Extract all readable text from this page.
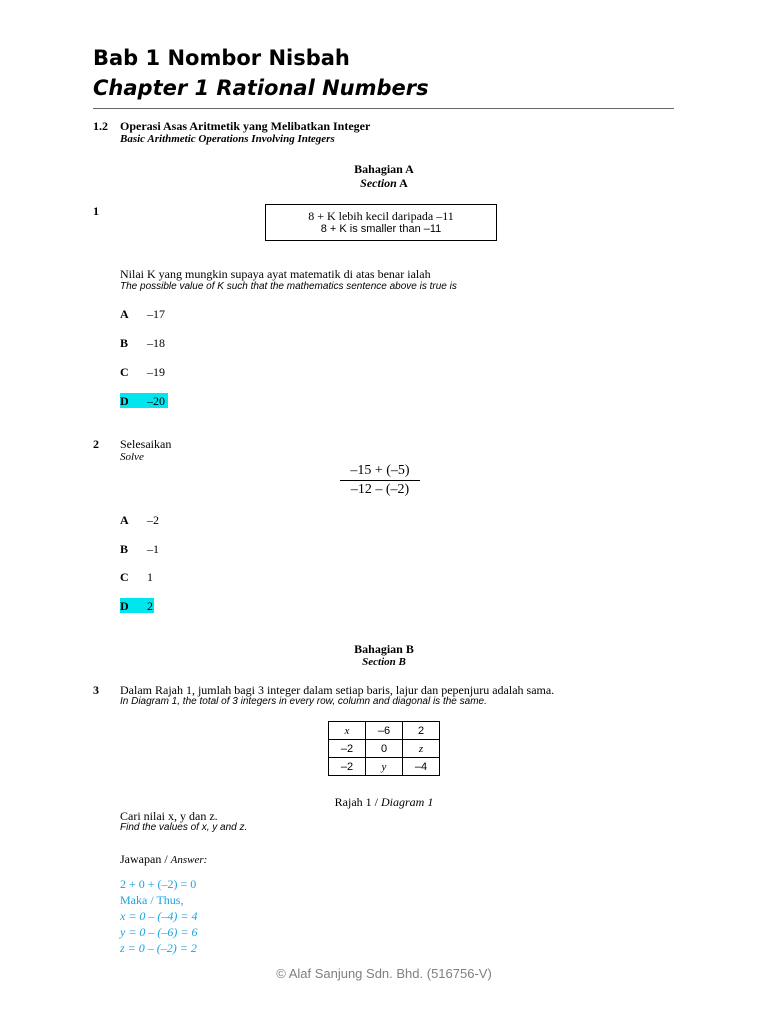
Bab 1 Nombor Nisbah
Chapter 1 Rational Numbers
1.2 Operasi Asas Aritmetik yang Melibatkan Integer
Basic Arithmetic Operations Involving Integers
Bahagian A
Section A
1	8 + K lebih kecil daripada –11
8 + K is smaller than –11
Nilai K yang mungkin supaya ayat matematik di atas benar ialah
The possible value of K such that the mathematics sentence above is true is
A –17
B –18
C –19
D –20
2 Selesaikan
Solve
–15 + (–5)
–12 – (–2)
A –2
B –1
C 1
D 2
Bahagian B
Section B
3 Dalam Rajah 1, jumlah bagi 3 integer dalam setiap baris, lajur dan pepenjuru adalah sama.
In Diagram 1, the total of 3 integers in every row, column and diagonal is the same.
x	–6	2
–2	0	z
–2	y	–4
Rajah 1 / Diagram 1
Cari nilai x, y dan z.
Find the values of x, y and z.
Jawapan / Answer:
2 + 0 + (–2) = 0
Maka / Thus,
x = 0 – (–4) = 4
y = 0 – (–6) = 6
z = 0 – (–2) = 2
© Alaf Sanjung Sdn. Bhd. (516756-V)
